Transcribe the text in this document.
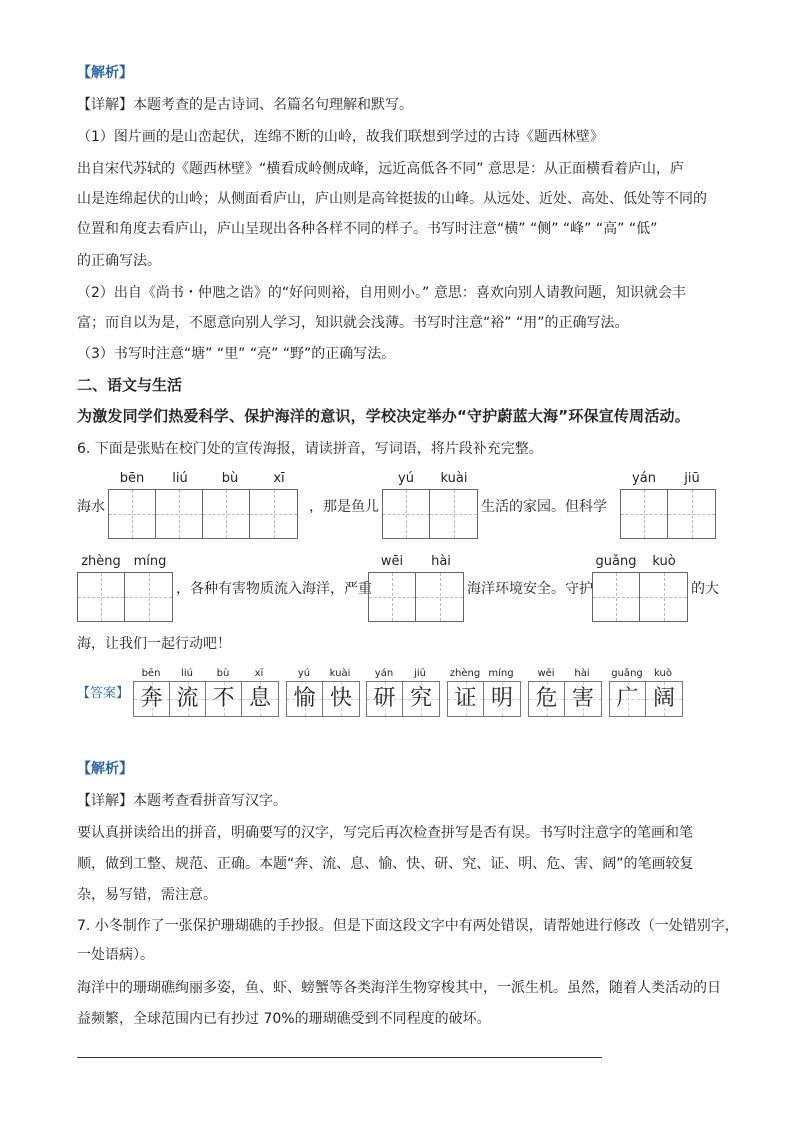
【解析】
【详解】本题考查的是古诗词、名篇名句理解和默写。
（1）图片画的是山峦起伏，连绵不断的山岭，故我们联想到学过的古诗《题西林壁》
出自宋代苏轼的《题西林壁》“横看成岭侧成峰，远近高低各不同” 意思是：从正面横看着庐山，庐
山是连绵起伏的山岭；从侧面看庐山，庐山则是高耸挺拔的山峰。从远处、近处、高处、低处等不同的
位置和角度去看庐山，庐山呈现出各种各样不同的样子。书写时注意“横” “侧” “峰” “高” “低”
的正确写法。
（2）出自《尚书・仲虺之诰》的“好问则裕，自用则小。” 意思：喜欢向别人请教问题，知识就会丰
富；而自以为是，不愿意向别人学习，知识就会浅薄。书写时注意“裕” “用”的正确写法。
（3）书写时注意“塘” “里” “亮” “野”的正确写法。
二、语文与生活
为激发同学们热爱科学、保护海洋的意识，学校决定举办“守护蔚蓝大海”环保宣传周活动。
6. 下面是张贴在校门处的宣传海报，请读拼音，写词语，将片段补充完整。
bēn	liú	bù	xī
海水	，那是鱼儿
yú	kuài
生活的家园。但科学
yán	jiū
zhèng míng
，各种有害物质流入海洋，严重
wēi	hài
海洋环境安全。守护
guǎng	kuò
的大
海，让我们一起行动吧！
【答案】
bēn	liú	bù	xī	yú	kuài	yán	jiū	zhèng míng	wēi	hài	guǎng	kuò
奔 流 不 息	愉 快 研 究	证 明	危 害	广 阔
【解析】
【详解】本题考查看拼音写汉字。
要认真拼读给出的拼音，明确要写的汉字，写完后再次检查拼写是否有误。书写时注意字的笔画和笔
顺，做到工整、规范、正确。本题“奔、流、息、愉、快、研、究、证、明、危、害、阔”的笔画较复
杂，易写错，需注意。
7. 小冬制作了一张保护珊瑚礁的手抄报。但是下面这段文字中有两处错误，请帮她进行修改（一处错别字，
一处语病）。
海洋中的珊瑚礁绚丽多姿，鱼、虾、螃蟹等各类海洋生物穿梭其中，一派生机。虽然，随着人类活动的日
益频繁，全球范围内已有抄过 70%的珊瑚礁受到不同程度的破坏。
